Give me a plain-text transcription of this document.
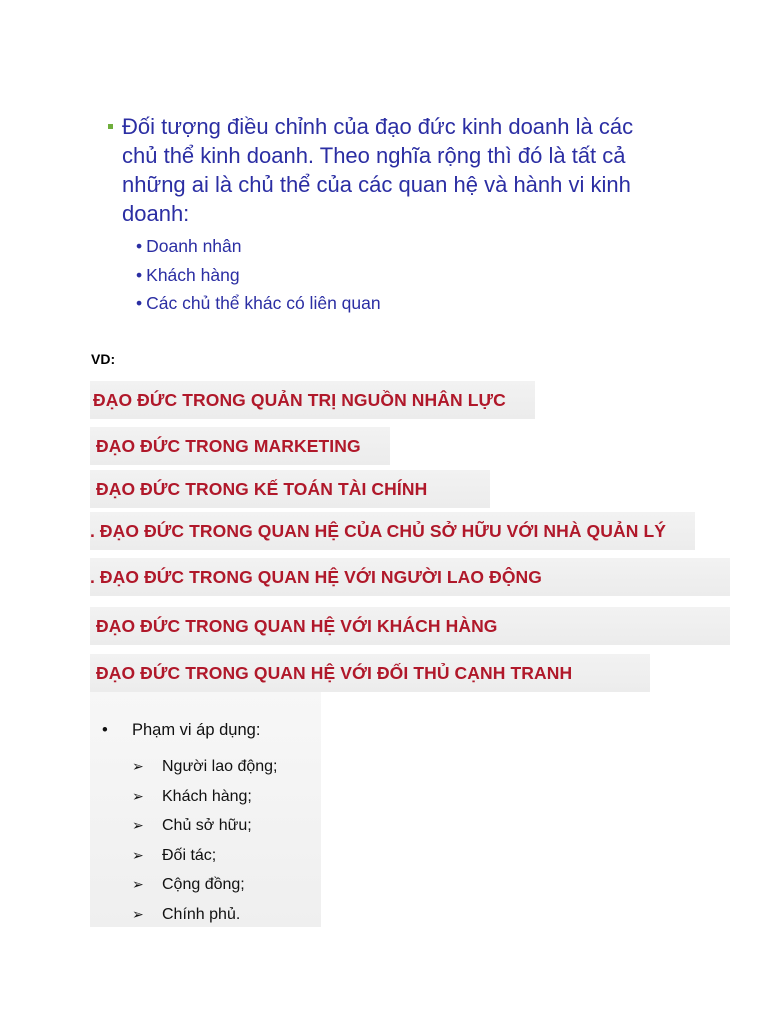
Đối tượng điều chỉnh của đạo đức kinh doanh là các chủ thể kinh doanh. Theo nghĩa rộng thì đó là tất cả những ai là chủ thể của các quan hệ và hành vi kinh doanh:
• Doanh nhân
• Khách hàng
• Các chủ thể khác có liên quan
VD:
ĐẠO ĐỨC TRONG QUẢN TRỊ NGUỒN NHÂN LỰC
ĐẠO ĐỨC TRONG MARKETING
ĐẠO ĐỨC TRONG KẾ TOÁN TÀI CHÍNH
. ĐẠO ĐỨC TRONG QUAN HỆ CỦA CHỦ SỞ HỮU VỚI NHÀ QUẢN LÝ
. ĐẠO ĐỨC TRONG QUAN HỆ VỚI NGƯỜI LAO ĐỘNG
ĐẠO ĐỨC TRONG QUAN HỆ VỚI KHÁCH HÀNG
ĐẠO ĐỨC TRONG QUAN HỆ VỚI ĐỐI THỦ CẠNH TRANH
• Phạm vi áp dụng:
➢ Người lao động;
➢ Khách hàng;
➢ Chủ sở hữu;
➢ Đối tác;
➢ Cộng đồng;
➢ Chính phủ.
